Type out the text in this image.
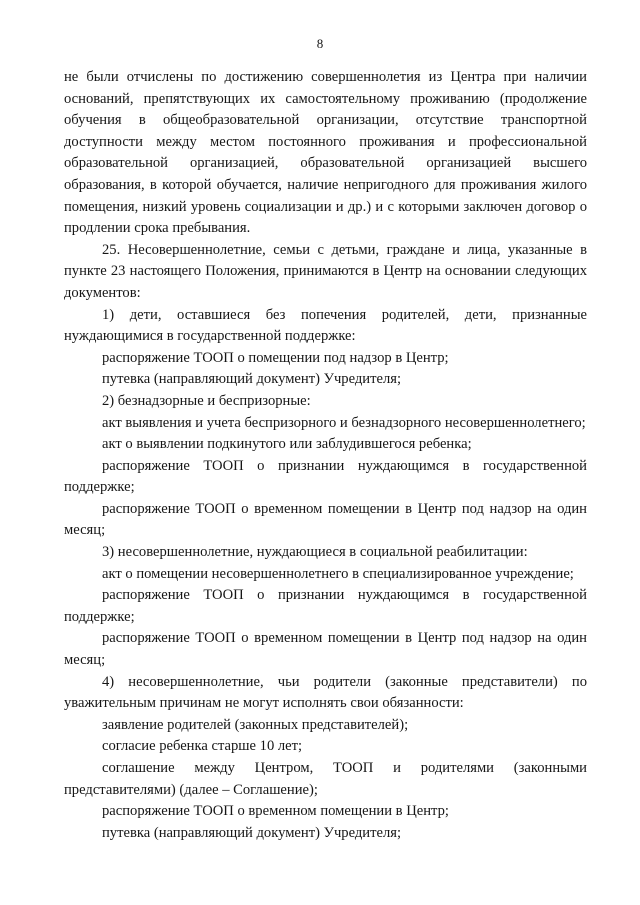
8

не были отчислены по достижению совершеннолетия из Центра при наличии оснований, препятствующих их самостоятельному проживанию (продолжение обучения в общеобразовательной организации, отсутствие транспортной доступности между местом постоянного проживания и профессиональной образовательной организацией, образовательной организацией высшего образования, в которой обучается, наличие непригодного для проживания жилого помещения, низкий уровень социализации и др.) и с которыми заключен договор о продлении срока пребывания.

25. Несовершеннолетние, семьи с детьми, граждане и лица, указанные в пункте 23 настоящего Положения, принимаются в Центр на основании следующих документов:

1) дети, оставшиеся без попечения родителей, дети, признанные нуждающимися в государственной поддержке:

распоряжение ТООП о помещении под надзор в Центр;

путевка (направляющий документ) Учредителя;

2) безнадзорные и беспризорные:

акт выявления и учета беспризорного и безнадзорного несовершеннолетнего;

акт о выявлении подкинутого или заблудившегося ребенка;

распоряжение ТООП о признании нуждающимся в государственной поддержке;

распоряжение ТООП о временном помещении в Центр под надзор на один месяц;

3) несовершеннолетние, нуждающиеся в социальной реабилитации:

акт о помещении несовершеннолетнего в специализированное учреждение;

распоряжение ТООП о признании нуждающимся в государственной поддержке;

распоряжение ТООП о временном помещении в Центр под надзор на один месяц;

4) несовершеннолетние, чьи родители (законные представители) по уважительным причинам не могут исполнять свои обязанности:

заявление родителей (законных представителей);

согласие ребенка старше 10 лет;

соглашение между Центром, ТООП и родителями (законными представителями) (далее – Соглашение);

распоряжение ТООП о временном помещении в Центр;

путевка (направляющий документ) Учредителя;
